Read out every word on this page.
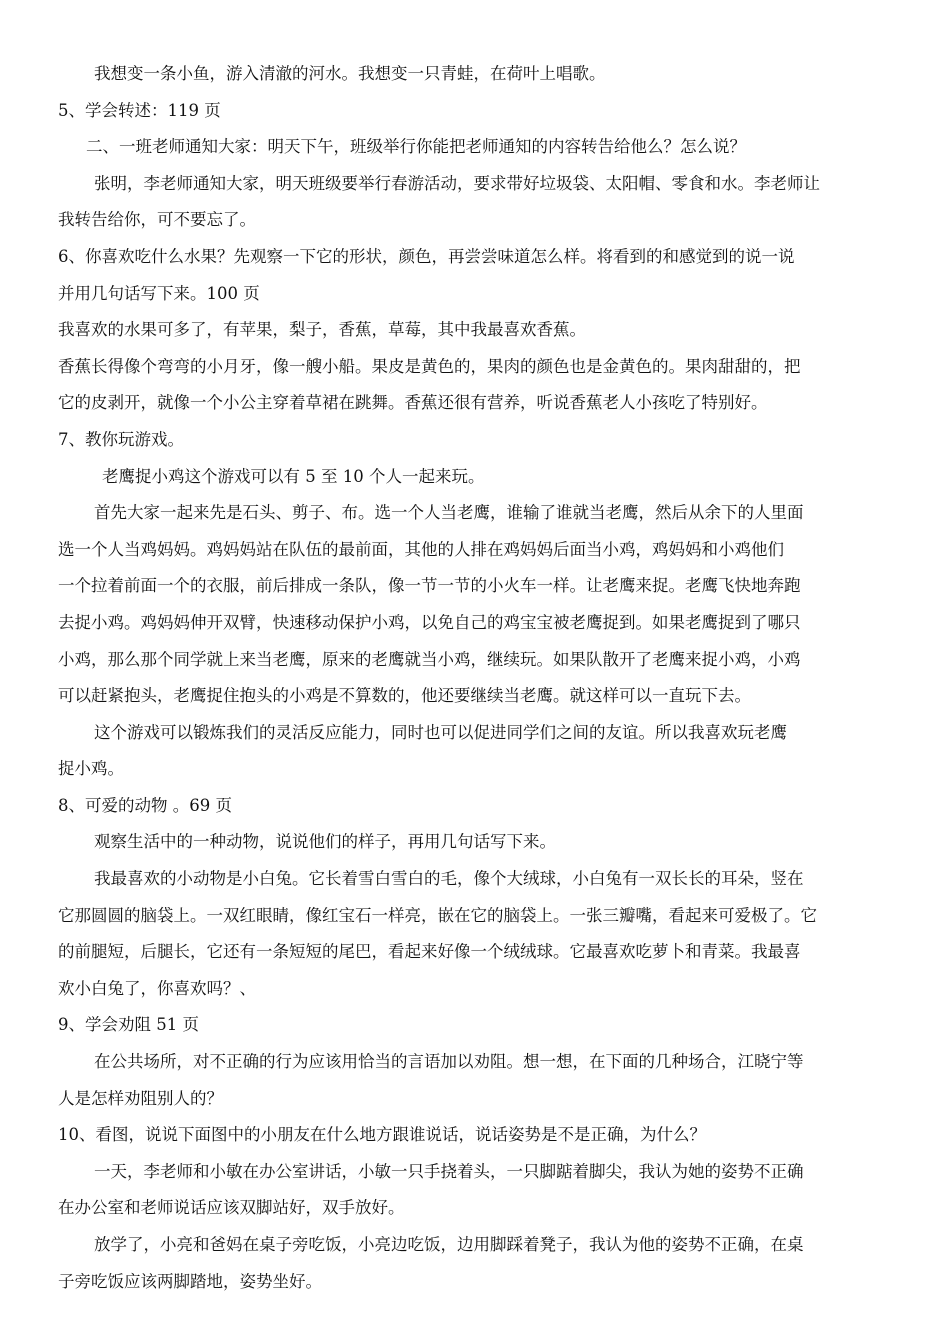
我想变一条小鱼，游入清澈的河水。我想变一只青蛙，在荷叶上唱歌。
5、学会转述：119 页
二、一班老师通知大家：明天下午，班级举行你能把老师通知的内容转告给他么？怎么说？
张明，李老师通知大家，明天班级要举行春游活动，要求带好垃圾袋、太阳帽、零食和水。李老师让
我转告给你，可不要忘了。
6、你喜欢吃什么水果？先观察一下它的形状，颜色，再尝尝味道怎么样。将看到的和感觉到的说一说
并用几句话写下来。100 页
我喜欢的水果可多了，有苹果，梨子，香蕉，草莓，其中我最喜欢香蕉。
香蕉长得像个弯弯的小月牙，像一艘小船。果皮是黄色的，果肉的颜色也是金黄色的。果肉甜甜的，把
它的皮剥开，就像一个小公主穿着草裙在跳舞。香蕉还很有营养，听说香蕉老人小孩吃了特别好。
7、教你玩游戏。
老鹰捉小鸡这个游戏可以有 5 至 10 个人一起来玩。
首先大家一起来先是石头、剪子、布。选一个人当老鹰，谁输了谁就当老鹰，然后从余下的人里面
选一个人当鸡妈妈。鸡妈妈站在队伍的最前面，其他的人排在鸡妈妈后面当小鸡，鸡妈妈和小鸡他们
一个拉着前面一个的衣服，前后排成一条队，像一节一节的小火车一样。让老鹰来捉。老鹰飞快地奔跑
去捉小鸡。鸡妈妈伸开双臂，快速移动保护小鸡，以免自己的鸡宝宝被老鹰捉到。如果老鹰捉到了哪只
小鸡，那么那个同学就上来当老鹰，原来的老鹰就当小鸡，继续玩。如果队散开了老鹰来捉小鸡，小鸡
可以赶紧抱头，老鹰捉住抱头的小鸡是不算数的，他还要继续当老鹰。就这样可以一直玩下去。
这个游戏可以锻炼我们的灵活反应能力，同时也可以促进同学们之间的友谊。所以我喜欢玩老鹰
捉小鸡。
8、可爱的动物 。69 页
观察生活中的一种动物，说说他们的样子，再用几句话写下来。
我最喜欢的小动物是小白兔。它长着雪白雪白的毛，像个大绒球，小白兔有一双长长的耳朵，竖在
它那圆圆的脑袋上。一双红眼睛，像红宝石一样亮，嵌在它的脑袋上。一张三瓣嘴，看起来可爱极了。它
的前腿短，后腿长，它还有一条短短的尾巴，看起来好像一个绒绒球。它最喜欢吃萝卜和青菜。我最喜
欢小白兔了，你喜欢吗？、
9、学会劝阻 51 页
在公共场所，对不正确的行为应该用恰当的言语加以劝阻。想一想，在下面的几种场合，江晓宁等
人是怎样劝阻别人的？
10、看图，说说下面图中的小朋友在什么地方跟谁说话，说话姿势是不是正确，为什么？
一天，李老师和小敏在办公室讲话，小敏一只手挠着头，一只脚踮着脚尖，我认为她的姿势不正确
在办公室和老师说话应该双脚站好，双手放好。
放学了，小亮和爸妈在桌子旁吃饭，小亮边吃饭，边用脚踩着凳子，我认为他的姿势不正确，在桌
子旁吃饭应该两脚踏地，姿势坐好。
